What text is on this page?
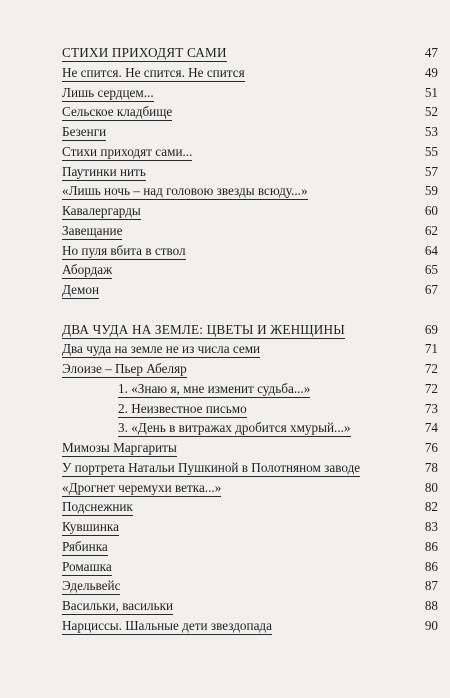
СТИХИ ПРИХОДЯТ САМИ	47
Не спится. Не спится. Не спится	49
Лишь сердцем...	51
Сельское кладбище	52
Безенги	53
Стихи приходят сами...	55
Паутинки нить	57
«Лишь ночь – над головою звезды всюду...»	59
Кавалергарды	60
Завещание	62
Но пуля вбита в ствол	64
Абордаж	65
Демон	67
ДВА ЧУДА НА ЗЕМЛЕ: ЦВЕТЫ И ЖЕНЩИНЫ	69
Два чуда на земле не из числа семи	71
Элоизе – Пьер Абеляр	72
1. «Знаю я, мне изменит судьба...»	72
2. Неизвестное письмо	73
3. «День в витражах дробится хмурый...»	74
Мимозы Маргариты	76
У портрета Натальи Пушкиной в Полотняном заводе	78
«Дрогнет черемухи ветка...»	80
Подснежник	82
Кувшинка	83
Рябинка	86
Ромашка	86
Эдельвейс	87
Васильки, васильки	88
Нарциссы. Шальные дети звездопада	90
